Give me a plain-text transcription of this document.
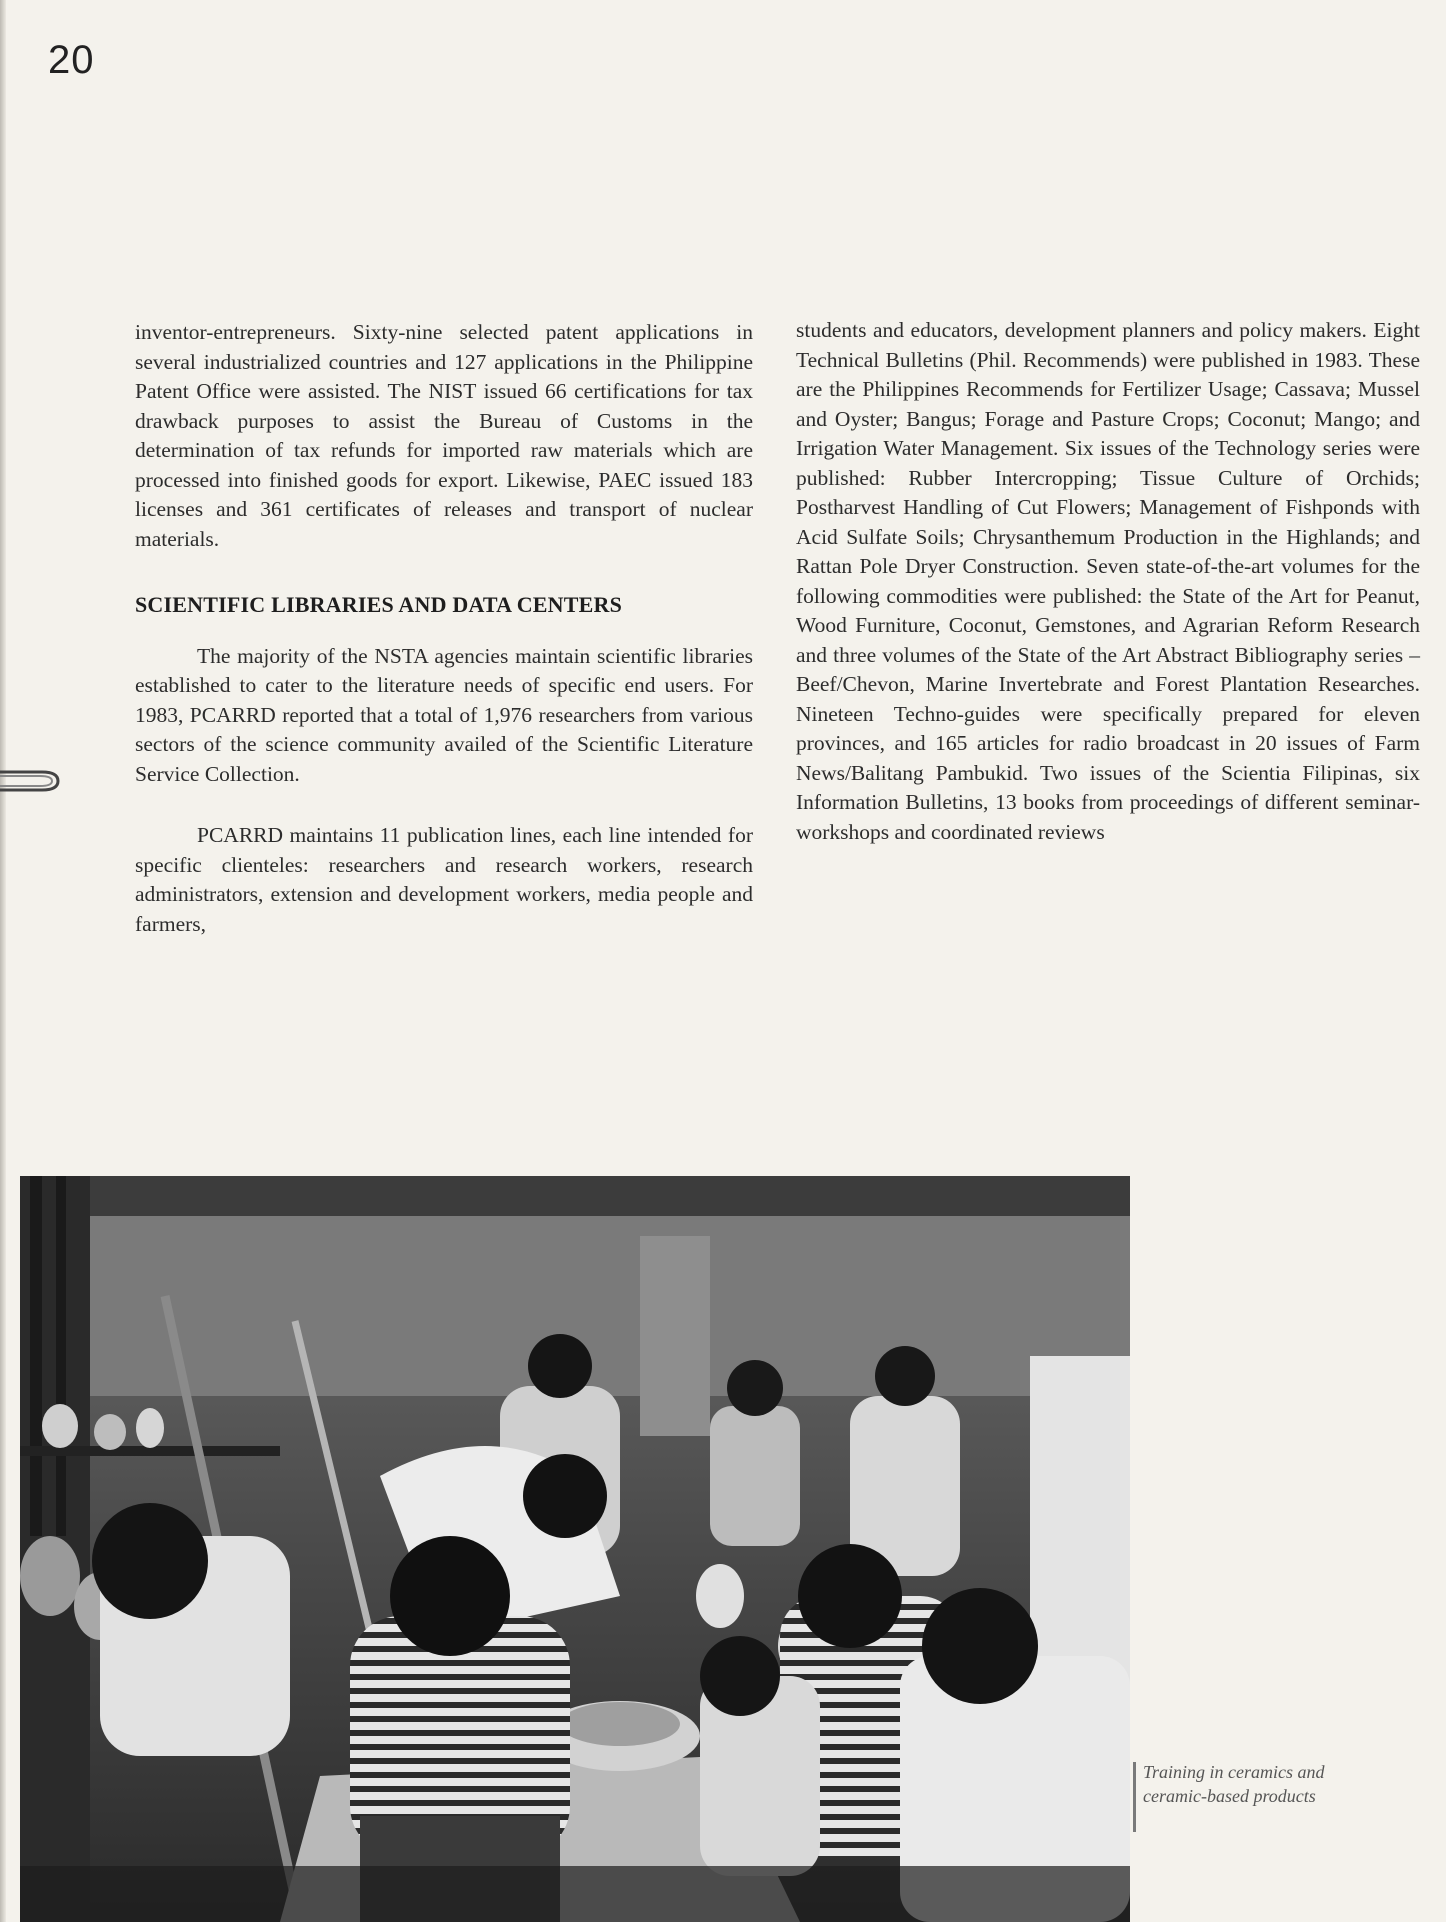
20

inventor-entrepreneurs. Sixty-nine selected patent applications in several industrialized countries and 127 applications in the Philippine Patent Office were assisted. The NIST issued 66 certifications for tax drawback purposes to assist the Bureau of Customs in the determination of tax refunds for imported raw materials which are processed into finished goods for export. Likewise, PAEC issued 183 licenses and 361 certificates of releases and transport of nuclear materials.

SCIENTIFIC LIBRARIES AND DATA CENTERS

The majority of the NSTA agencies maintain scientific libraries established to cater to the literature needs of specific end users. For 1983, PCARRD reported that a total of 1,976 researchers from various sectors of the science community availed of the Scientific Literature Service Collection.

PCARRD maintains 11 publication lines, each line intended for specific clienteles: researchers and research workers, research administrators, extension and development workers, media people and farmers,

students and educators, development planners and policy makers. Eight Technical Bulletins (Phil. Recommends) were published in 1983. These are the Philippines Recommends for Fertilizer Usage; Cassava; Mussel and Oyster; Bangus; Forage and Pasture Crops; Coconut; Mango; and Irrigation Water Management. Six issues of the Technology series were published: Rubber Intercropping; Tissue Culture of Orchids; Postharvest Handling of Cut Flowers; Management of Fishponds with Acid Sulfate Soils; Chrysanthemum Production in the Highlands; and Rattan Pole Dryer Construction. Seven state-of-the-art volumes for the following commodities were published: the State of the Art for Peanut, Wood Furniture, Coconut, Gemstones, and Agrarian Reform Research and three volumes of the State of the Art Abstract Bibliography series – Beef/Chevon, Marine Invertebrate and Forest Plantation Researches. Nineteen Techno-guides were specifically prepared for eleven provinces, and 165 articles for radio broadcast in 20 issues of Farm News/Balitang Pambukid. Two issues of the Scientia Filipinas, six Information Bulletins, 13 books from proceedings of different seminar-workshops and coordinated reviews

Training in ceramics and ceramic-based products
